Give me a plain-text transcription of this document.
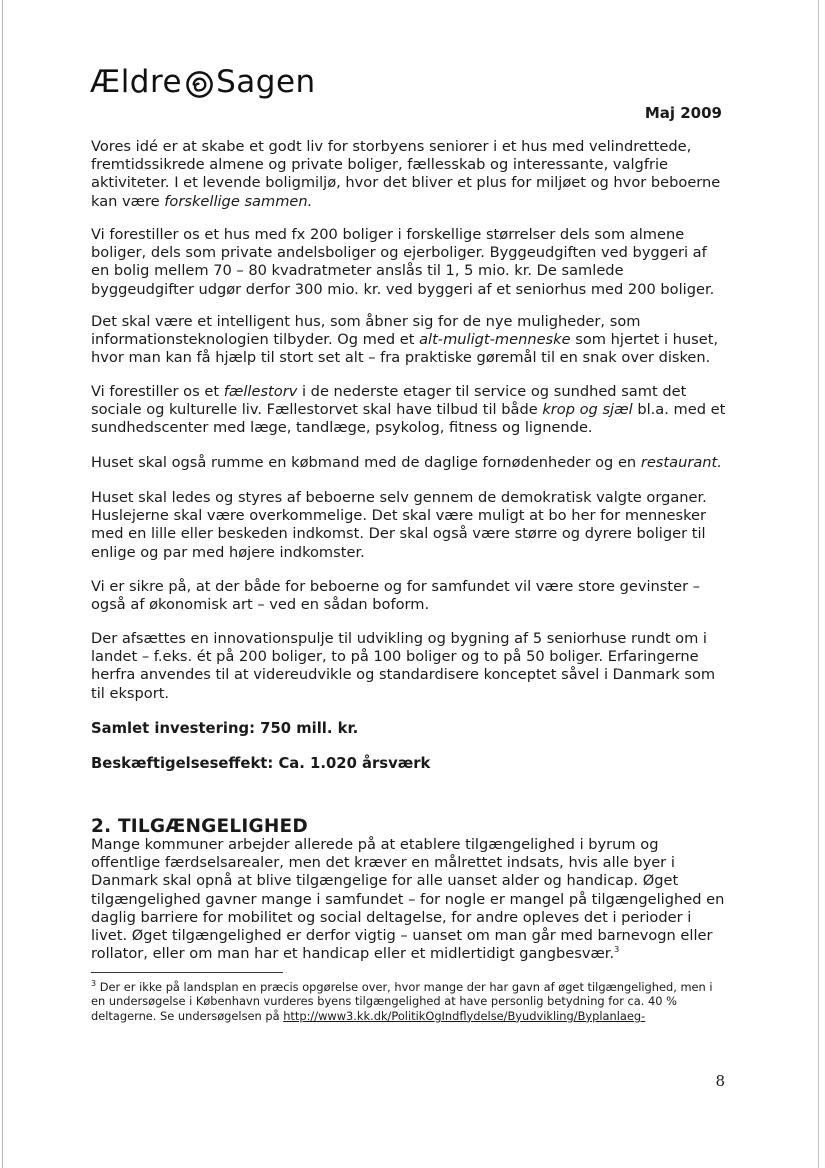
Ældre Sagen
Maj 2009
Vores idé er at skabe et godt liv for storbyens seniorer i et hus med velindrettede, fremtidssikrede almene og private boliger, fællesskab og interessante, valgfrie aktiviteter. I et levende boligmiljø, hvor det bliver et plus for miljøet og hvor beboerne kan være forskellige sammen.
Vi forestiller os et hus med fx 200 boliger i forskellige størrelser dels som almene boliger, dels som private andelsboliger og ejerboliger. Byggeudgiften ved byggeri af en bolig mellem 70 – 80 kvadratmeter anslås til 1, 5 mio. kr. De samlede byggeudgifter udgør derfor 300 mio. kr. ved byggeri af et seniorhus med 200 boliger.
Det skal være et intelligent hus, som åbner sig for de nye muligheder, som informationsteknologien tilbyder. Og med et alt-muligt-menneske som hjertet i huset, hvor man kan få hjælp til stort set alt – fra praktiske gøremål til en snak over disken.
Vi forestiller os et fællestorv i de nederste etager til service og sundhed samt det sociale og kulturelle liv. Fællestorvet skal have tilbud til både krop og sjæl bl.a. med et sundhedscenter med læge, tandlæge, psykolog, fitness og lignende.
Huset skal også rumme en købmand med de daglige fornødenheder og en restaurant.
Huset skal ledes og styres af beboerne selv gennem de demokratisk valgte organer. Huslejerne skal være overkommelige. Det skal være muligt at bo her for mennesker med en lille eller beskeden indkomst. Der skal også være større og dyrere boliger til enlige og par med højere indkomster.
Vi er sikre på, at der både for beboerne og for samfundet vil være store gevinster – også af økonomisk art – ved en sådan boform.
Der afsættes en innovationspulje til udvikling og bygning af 5 seniorhuse rundt om i landet – f.eks. ét på 200 boliger, to på 100 boliger og to på 50 boliger. Erfaringerne herfra anvendes til at videreudvikle og standardisere konceptet såvel i Danmark som til eksport.
Samlet investering: 750 mill. kr.
Beskæftigelseseffekt: Ca. 1.020 årsværk
2. TILGÆNGELIGHED
Mange kommuner arbejder allerede på at etablere tilgængelighed i byrum og offentlige færdselsarealer, men det kræver en målrettet indsats, hvis alle byer i Danmark skal opnå at blive tilgængelige for alle uanset alder og handicap. Øget tilgængelighed gavner mange i samfundet – for nogle er mangel på tilgængelighed en daglig barriere for mobilitet og social deltagelse, for andre opleves det i perioder i livet. Øget tilgængelighed er derfor vigtig – uanset om man går med barnevogn eller rollator, eller om man har et handicap eller et midlertidigt gangbesvær.$^3$
$^3$ Der er ikke på landsplan en præcis opgørelse over, hvor mange der har gavn af øget tilgængelighed, men i en undersøgelse i København vurderes byens tilgængelighed at have personlig betydning for ca. 40 % deltagerne. Se undersøgelsen på http://www3.kk.dk/PolitikOgIndflydelse/Byudvikling/Byplanlaeg-
8
